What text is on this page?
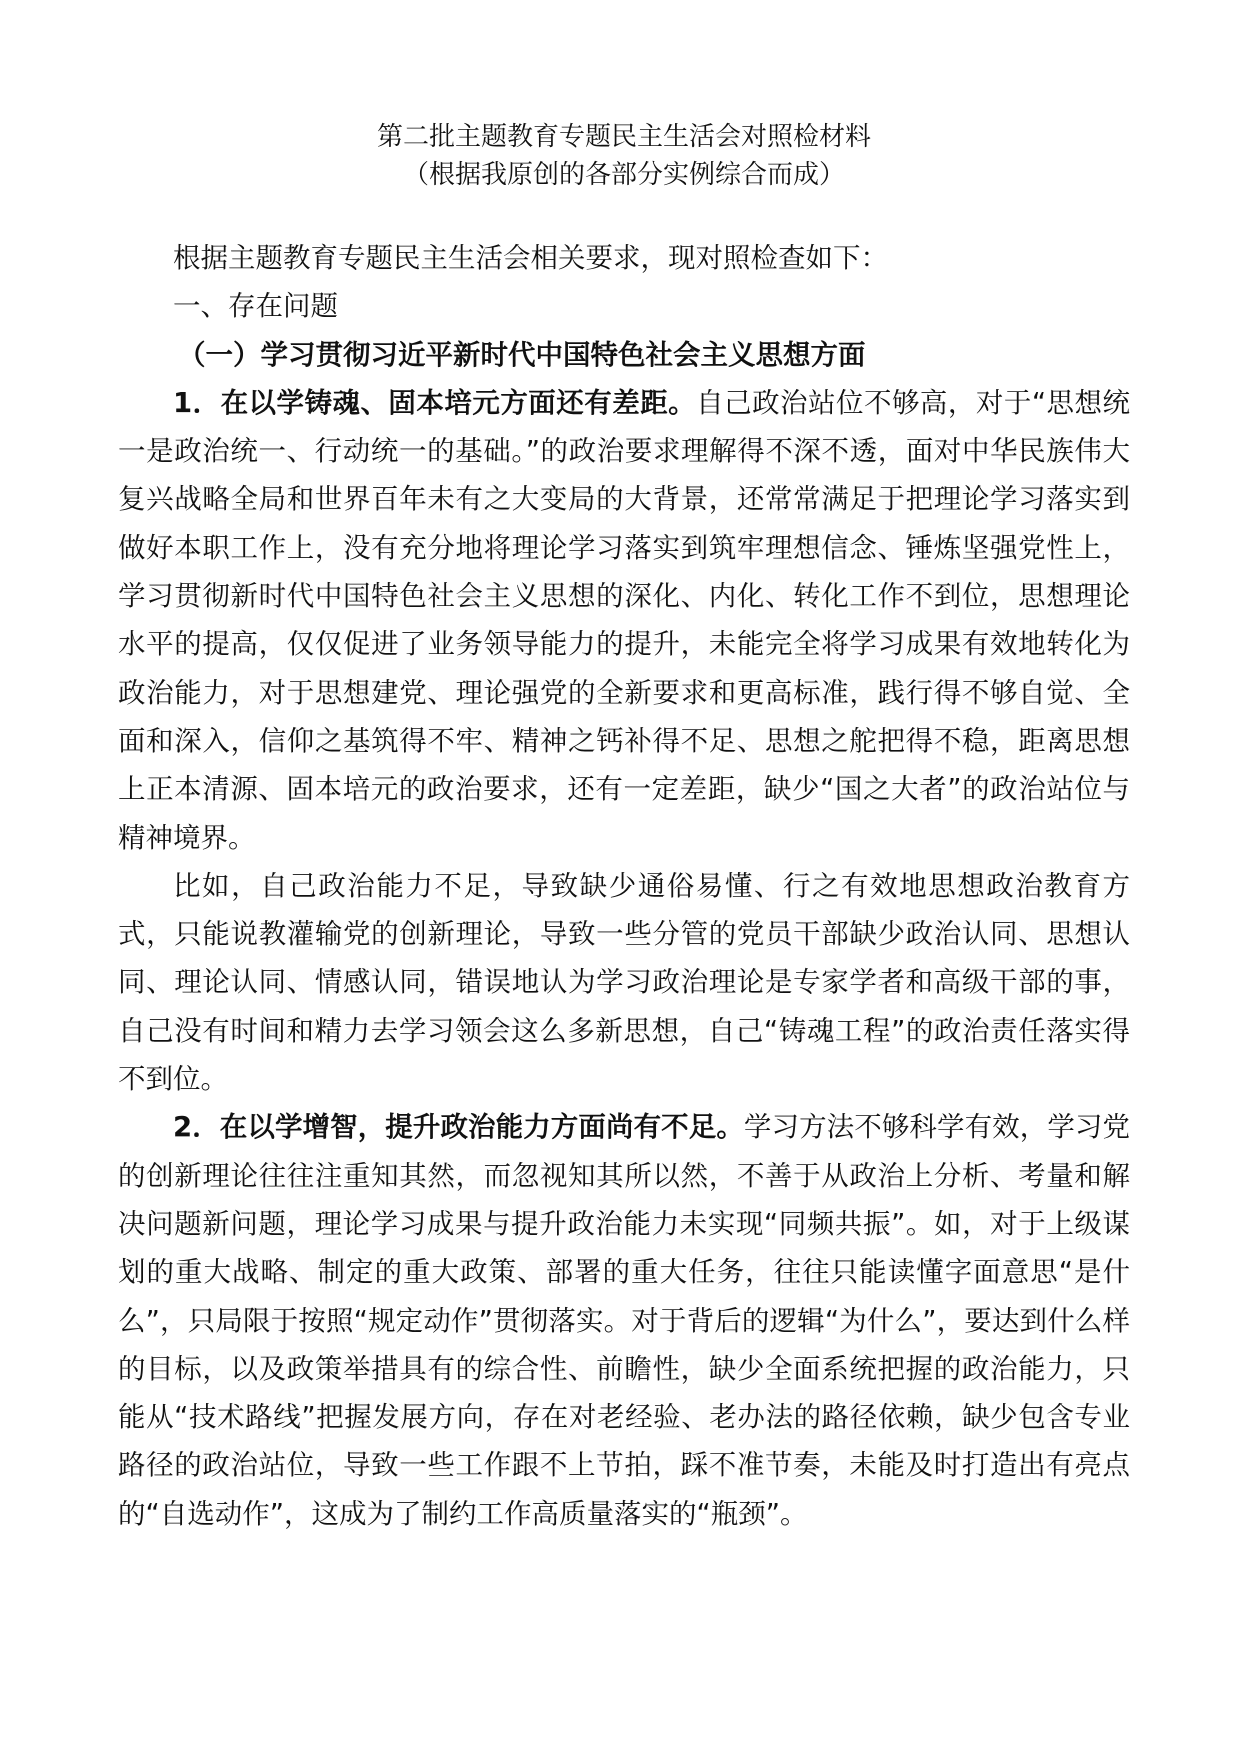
第二批主题教育专题民主生活会对照检材料

（根据我原创的各部分实例综合而成）

根据主题教育专题民主生活会相关要求，现对照检查如下：

一、存在问题

（一）学习贯彻习近平新时代中国特色社会主义思想方面

1．在以学铸魂、固本培元方面还有差距。自己政治站位不够高，对于“思想统一是政治统一、行动统一的基础。”的政治要求理解得不深不透，面对中华民族伟大复兴战略全局和世界百年未有之大变局的大背景，还常常满足于把理论学习落实到做好本职工作上，没有充分地将理论学习落实到筑牢理想信念、锤炼坚强党性上，学习贯彻新时代中国特色社会主义思想的深化、内化、转化工作不到位，思想理论水平的提高，仅仅促进了业务领导能力的提升，未能完全将学习成果有效地转化为政治能力，对于思想建党、理论强党的全新要求和更高标准，践行得不够自觉、全面和深入，信仰之基筑得不牢、精神之钙补得不足、思想之舵把得不稳，距离思想上正本清源、固本培元的政治要求，还有一定差距，缺少“国之大者”的政治站位与精神境界。

比如，自己政治能力不足，导致缺少通俗易懂、行之有效地思想政治教育方式，只能说教灌输党的创新理论，导致一些分管的党员干部缺少政治认同、思想认同、理论认同、情感认同，错误地认为学习政治理论是专家学者和高级干部的事，自己没有时间和精力去学习领会这么多新思想，自己“铸魂工程”的政治责任落实得不到位。

2．在以学增智，提升政治能力方面尚有不足。学习方法不够科学有效，学习党的创新理论往往注重知其然，而忽视知其所以然，不善于从政治上分析、考量和解决问题新问题，理论学习成果与提升政治能力未实现“同频共振”。如，对于上级谋划的重大战略、制定的重大政策、部署的重大任务，往往只能读懂字面意思“是什么”，只局限于按照“规定动作”贯彻落实。对于背后的逻辑“为什么”，要达到什么样的目标，以及政策举措具有的综合性、前瞻性，缺少全面系统把握的政治能力，只能从“技术路线”把握发展方向，存在对老经验、老办法的路径依赖，缺少包含专业路径的政治站位，导致一些工作跟不上节拍，踩不准节奏，未能及时打造出有亮点的“自选动作”，这成为了制约工作高质量落实的“瓶颈”。
